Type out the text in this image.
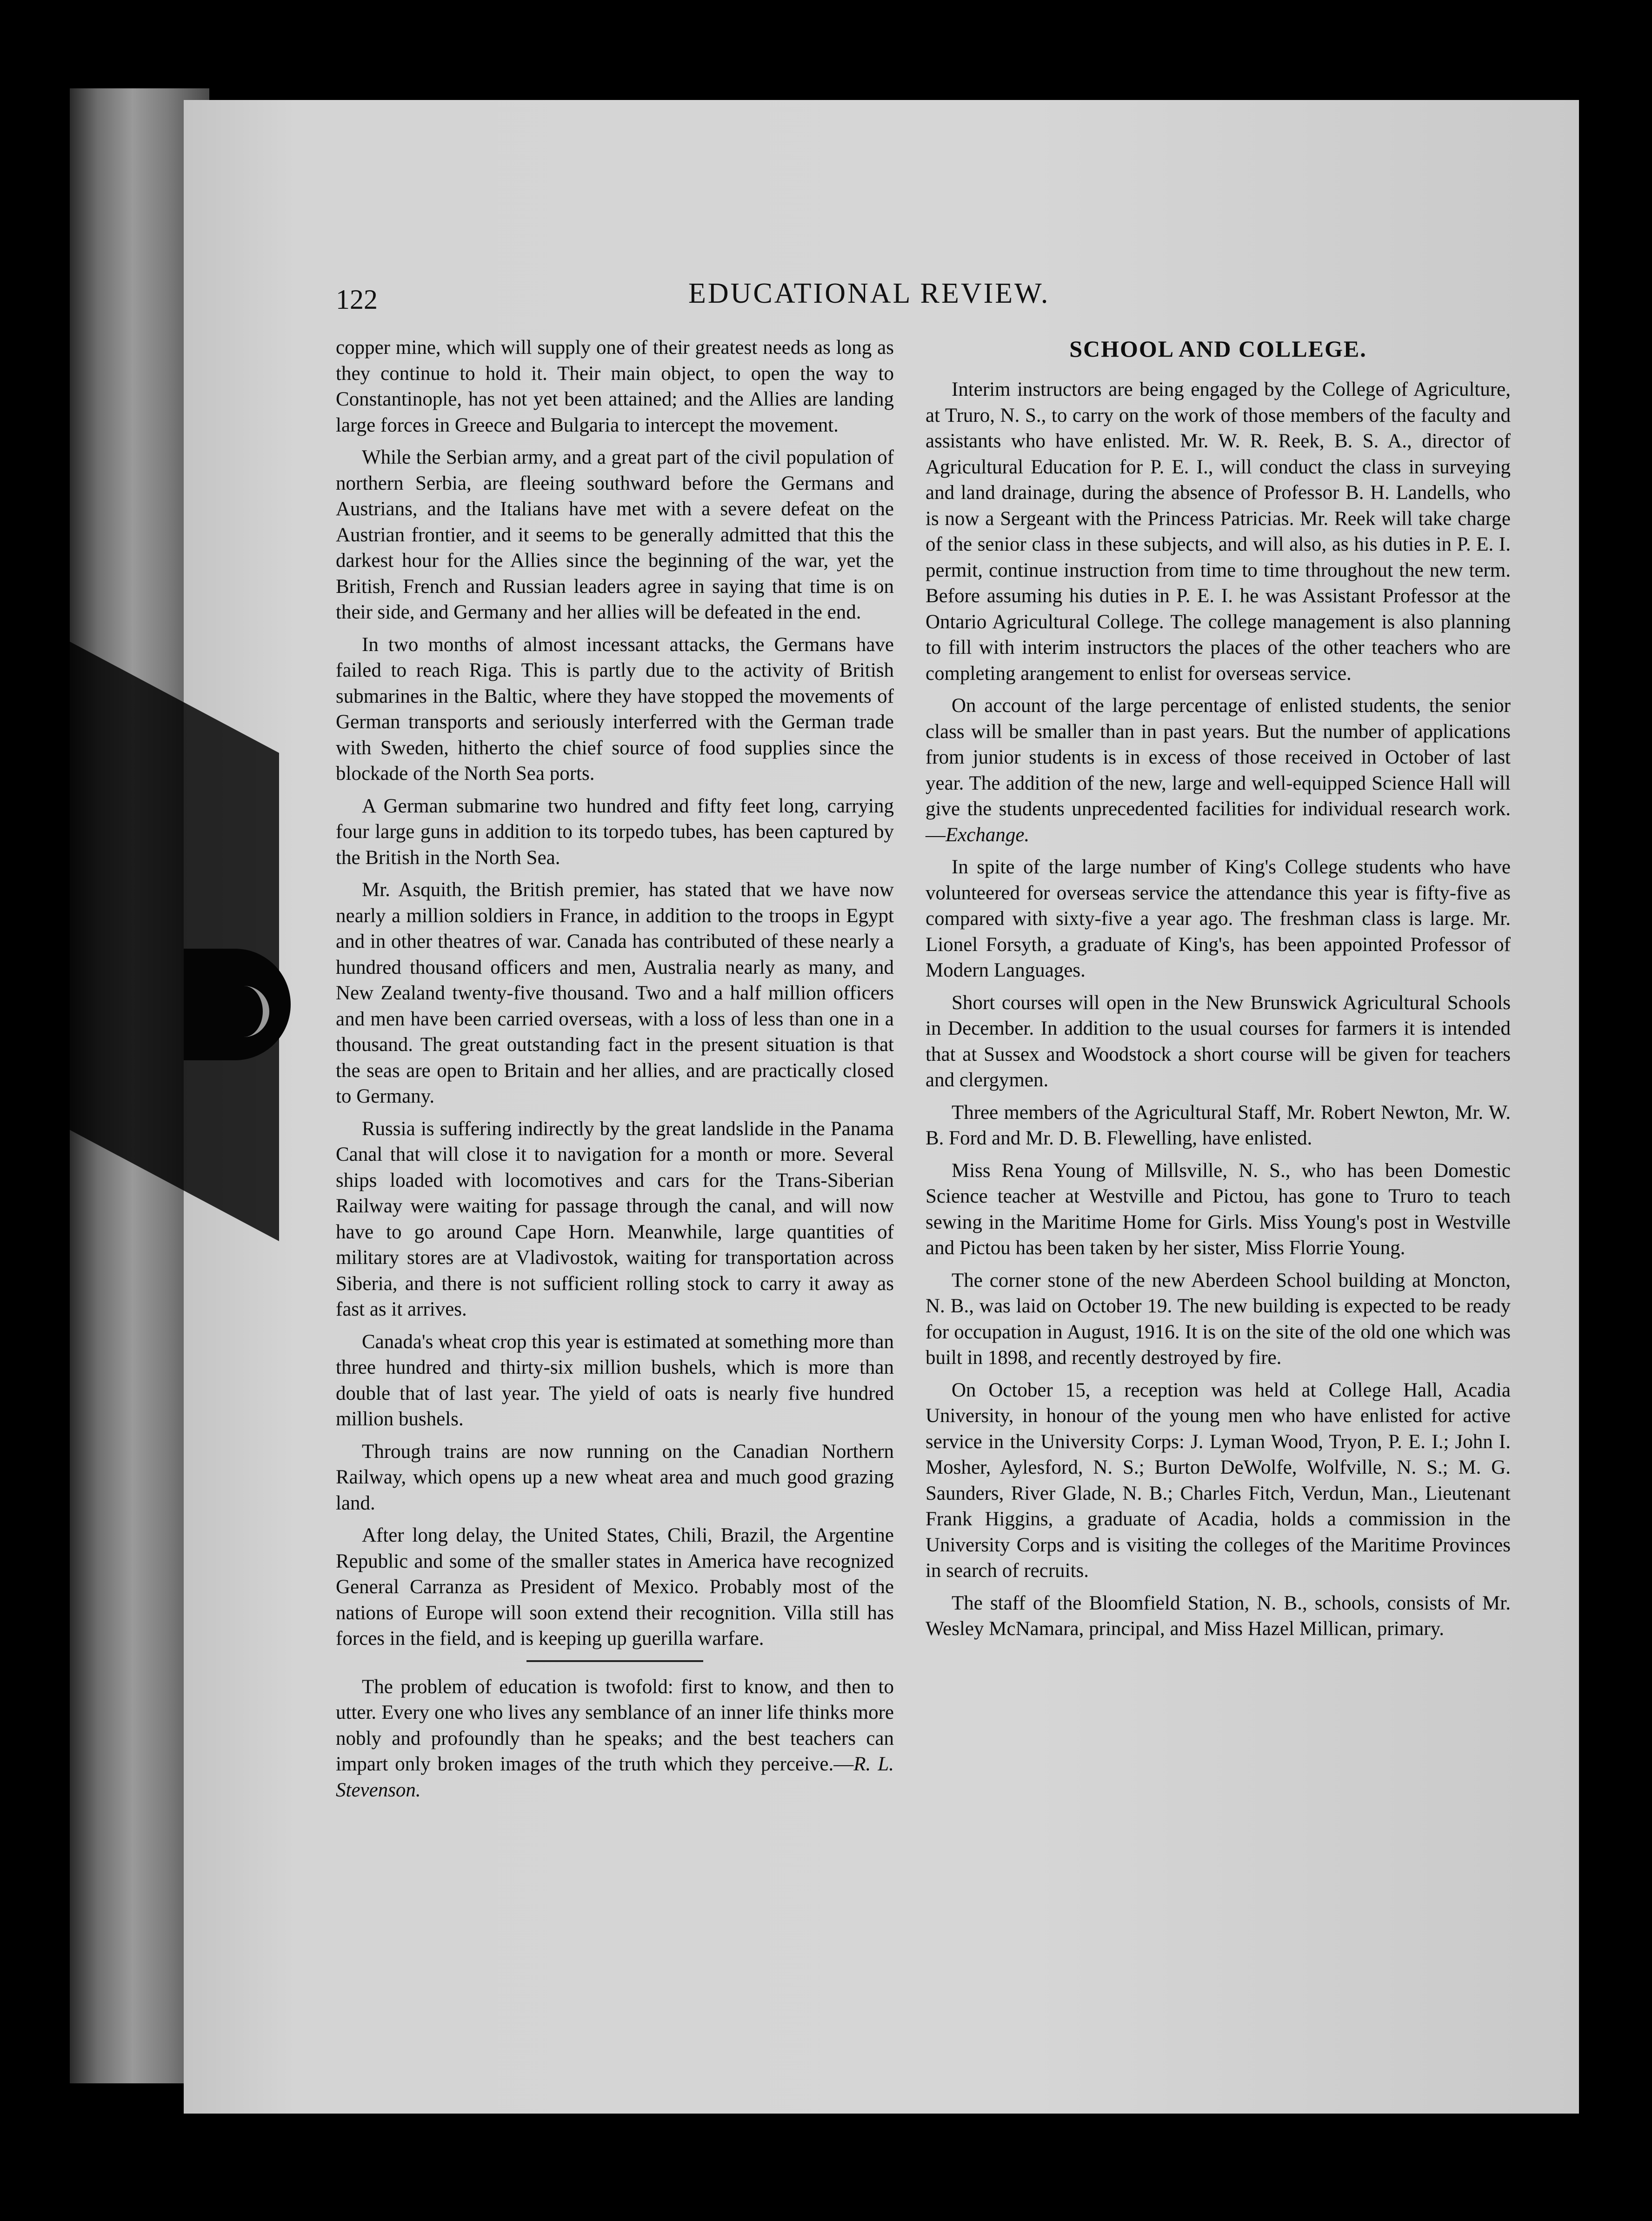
122	EDUCATIONAL REVIEW.

copper mine, which will supply one of their greatest needs as long as they continue to hold it. Their main object, to open the way to Constantinople, has not yet been attained; and the Allies are landing large forces in Greece and Bulgaria to intercept the movement.

While the Serbian army, and a great part of the civil population of northern Serbia, are fleeing southward before the Germans and Austrians, and the Italians have met with a severe defeat on the Austrian frontier, and it seems to be generally admitted that this the darkest hour for the Allies since the beginning of the war, yet the British, French and Russian leaders agree in saying that time is on their side, and Germany and her allies will be defeated in the end.

In two months of almost incessant attacks, the Germans have failed to reach Riga. This is partly due to the activity of British submarines in the Baltic, where they have stopped the movements of German transports and seriously interferred with the German trade with Sweden, hitherto the chief source of food supplies since the blockade of the North Sea ports.

A German submarine two hundred and fifty feet long, carrying four large guns in addition to its torpedo tubes, has been captured by the British in the North Sea.

Mr. Asquith, the British premier, has stated that we have now nearly a million soldiers in France, in addition to the troops in Egypt and in other theatres of war. Canada has contributed of these nearly a hundred thousand officers and men, Australia nearly as many, and New Zealand twenty-five thousand. Two and a half million officers and men have been carried overseas, with a loss of less than one in a thousand. The great outstanding fact in the present situation is that the seas are open to Britain and her allies, and are practically closed to Germany.

Russia is suffering indirectly by the great landslide in the Panama Canal that will close it to navigation for a month or more. Several ships loaded with locomotives and cars for the Trans-Siberian Railway were waiting for passage through the canal, and will now have to go around Cape Horn. Meanwhile, large quantities of military stores are at Vladivostok, waiting for transportation across Siberia, and there is not sufficient rolling stock to carry it away as fast as it arrives.

Canada's wheat crop this year is estimated at something more than three hundred and thirty-six million bushels, which is more than double that of last year. The yield of oats is nearly five hundred million bushels.

Through trains are now running on the Canadian Northern Railway, which opens up a new wheat area and much good grazing land.

After long delay, the United States, Chili, Brazil, the Argentine Republic and some of the smaller states in America have recognized General Carranza as President of Mexico. Probably most of the nations of Europe will soon extend their recognition. Villa still has forces in the field, and is keeping up guerilla warfare.

The problem of education is twofold: first to know, and then to utter. Every one who lives any semblance of an inner life thinks more nobly and profoundly than he speaks; and the best teachers can impart only broken images of the truth which they perceive.—R. L. Stevenson.

SCHOOL AND COLLEGE.

Interim instructors are being engaged by the College of Agriculture, at Truro, N. S., to carry on the work of those members of the faculty and assistants who have enlisted. Mr. W. R. Reek, B. S. A., director of Agricultural Education for P. E. I., will conduct the class in surveying and land drainage, during the absence of Professor B. H. Landells, who is now a Sergeant with the Princess Patricias. Mr. Reek will take charge of the senior class in these subjects, and will also, as his duties in P. E. I. permit, continue instruction from time to time throughout the new term. Before assuming his duties in P. E. I. he was Assistant Professor at the Ontario Agricultural College. The college management is also planning to fill with interim instructors the places of the other teachers who are completing arangement to enlist for overseas service.

On account of the large percentage of enlisted students, the senior class will be smaller than in past years. But the number of applications from junior students is in excess of those received in October of last year. The addition of the new, large and well-equipped Science Hall will give the students unprecedented facilities for individual research work.—Exchange.

In spite of the large number of King's College students who have volunteered for overseas service the attendance this year is fifty-five as compared with sixty-five a year ago. The freshman class is large. Mr. Lionel Forsyth, a graduate of King's, has been appointed Professor of Modern Languages.

Short courses will open in the New Brunswick Agricultural Schools in December. In addition to the usual courses for farmers it is intended that at Sussex and Woodstock a short course will be given for teachers and clergymen.

Three members of the Agricultural Staff, Mr. Robert Newton, Mr. W. B. Ford and Mr. D. B. Flewelling, have enlisted.

Miss Rena Young of Millsville, N. S., who has been Domestic Science teacher at Westville and Pictou, has gone to Truro to teach sewing in the Maritime Home for Girls. Miss Young's post in Westville and Pictou has been taken by her sister, Miss Florrie Young.

The corner stone of the new Aberdeen School building at Moncton, N. B., was laid on October 19. The new building is expected to be ready for occupation in August, 1916. It is on the site of the old one which was built in 1898, and recently destroyed by fire.

On October 15, a reception was held at College Hall, Acadia University, in honour of the young men who have enlisted for active service in the University Corps: J. Lyman Wood, Tryon, P. E. I.; John I. Mosher, Aylesford, N. S.; Burton DeWolfe, Wolfville, N. S.; M. G. Saunders, River Glade, N. B.; Charles Fitch, Verdun, Man., Lieutenant Frank Higgins, a graduate of Acadia, holds a commission in the University Corps and is visiting the colleges of the Maritime Provinces in search of recruits.

The staff of the Bloomfield Station, N. B., schools, consists of Mr. Wesley McNamara, principal, and Miss Hazel Millican, primary.
